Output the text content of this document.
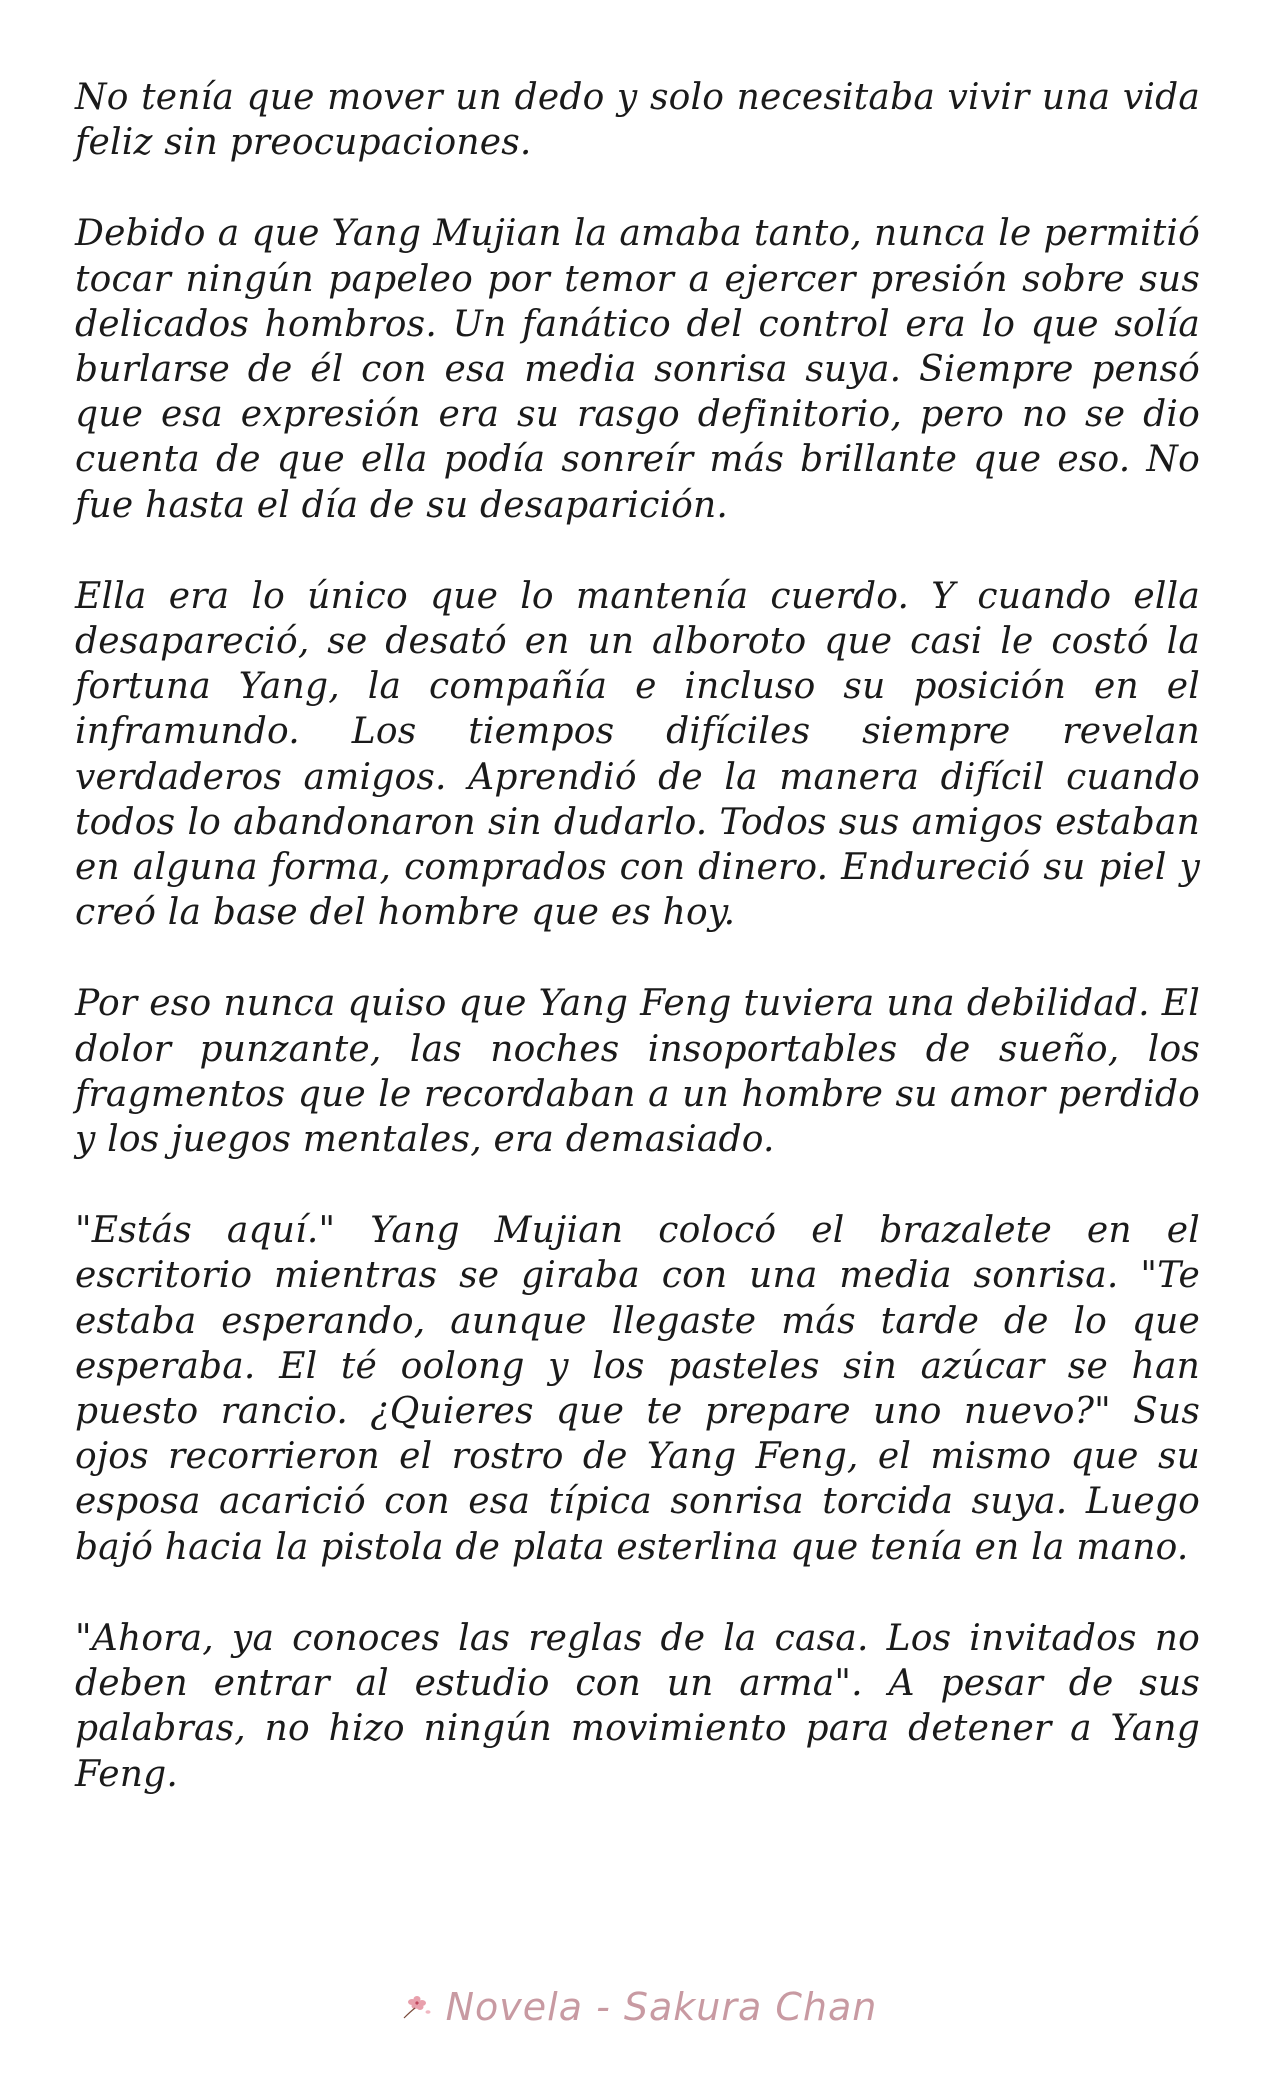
No tenía que mover un dedo y solo necesitaba vivir una vida feliz sin preocupaciones.

Debido a que Yang Mujian la amaba tanto, nunca le permitió tocar ningún papeleo por temor a ejercer presión sobre sus delicados hombros. Un fanático del control era lo que solía burlarse de él con esa media sonrisa suya. Siempre pensó que esa expresión era su rasgo definitorio, pero no se dio cuenta de que ella podía sonreír más brillante que eso. No fue hasta el día de su desaparición.

Ella era lo único que lo mantenía cuerdo. Y cuando ella desapareció, se desató en un alboroto que casi le costó la fortuna Yang, la compañía e incluso su posición en el inframundo. Los tiempos difíciles siempre revelan verdaderos amigos. Aprendió de la manera difícil cuando todos lo abandonaron sin dudarlo. Todos sus amigos estaban en alguna forma, comprados con dinero. Endureció su piel y creó la base del hombre que es hoy.

Por eso nunca quiso que Yang Feng tuviera una debilidad. El dolor punzante, las noches insoportables de sueño, los fragmentos que le recordaban a un hombre su amor perdido y los juegos mentales, era demasiado.

"Estás aquí." Yang Mujian colocó el brazalete en el escritorio mientras se giraba con una media sonrisa. "Te estaba esperando, aunque llegaste más tarde de lo que esperaba. El té oolong y los pasteles sin azúcar se han puesto rancio. ¿Quieres que te prepare uno nuevo?" Sus ojos recorrieron el rostro de Yang Feng, el mismo que su esposa acarició con esa típica sonrisa torcida suya. Luego bajó hacia la pistola de plata esterlina que tenía en la mano.

"Ahora, ya conoces las reglas de la casa. Los invitados no deben entrar al estudio con un arma". A pesar de sus palabras, no hizo ningún movimiento para detener a Yang Feng.

Novela - Sakura Chan
